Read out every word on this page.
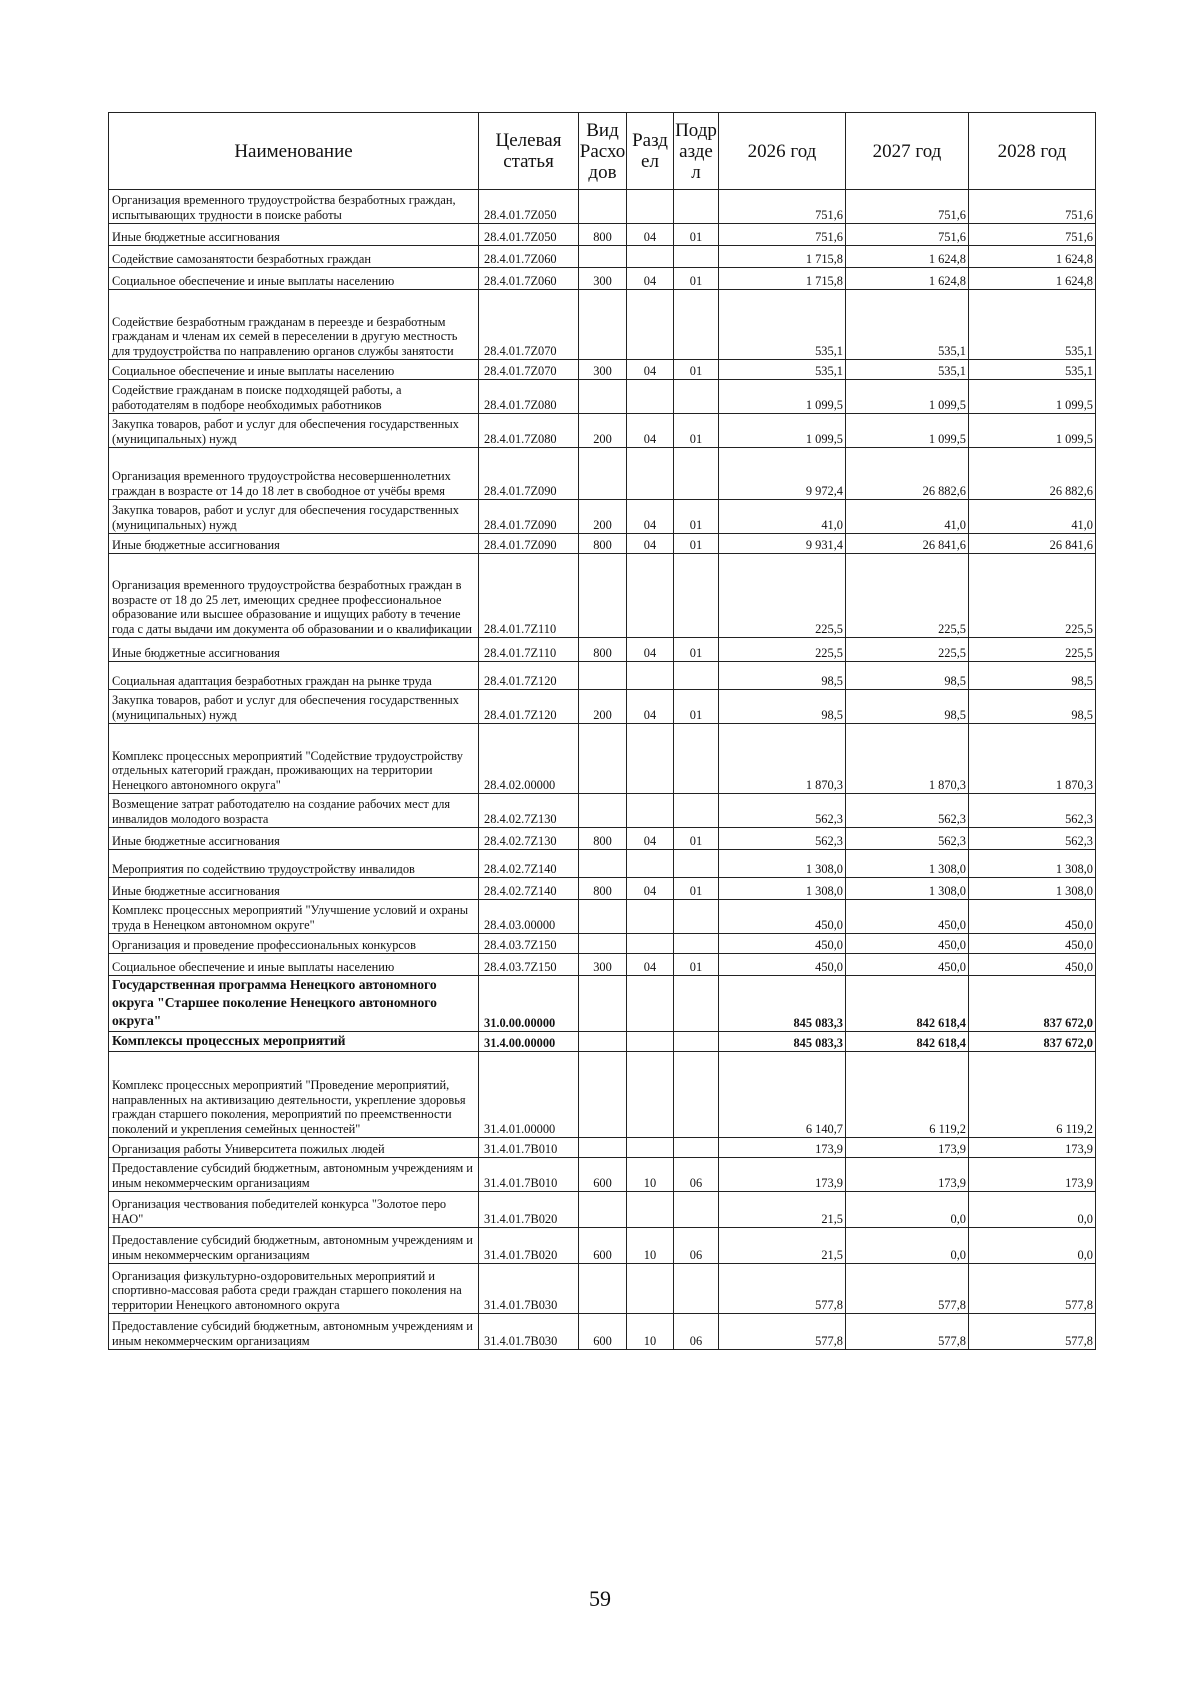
Наименование	Целевая статья	Вид Расхо дов	Разд ел	Подр азде л	2026 год	2027 год	2028 год
Организация временного трудоустройства безработных граждан, испытывающих трудности в поиске работы	28.4.01.7Z050				751,6	751,6	751,6
Иные бюджетные ассигнования	28.4.01.7Z050	800	04	01	751,6	751,6	751,6
Содействие самозанятости безработных граждан	28.4.01.7Z060				1 715,8	1 624,8	1 624,8
Социальное обеспечение и иные выплаты населению	28.4.01.7Z060	300	04	01	1 715,8	1 624,8	1 624,8
Содействие безработным гражданам в переезде и безработным гражданам и членам их семей в переселении в другую местность для трудоустройства по направлению органов службы занятости	28.4.01.7Z070				535,1	535,1	535,1
Социальное обеспечение и иные выплаты населению	28.4.01.7Z070	300	04	01	535,1	535,1	535,1
Содействие гражданам в поиске подходящей работы, а работодателям в подборе необходимых работников	28.4.01.7Z080				1 099,5	1 099,5	1 099,5
Закупка товаров, работ и услуг для обеспечения государственных (муниципальных) нужд	28.4.01.7Z080	200	04	01	1 099,5	1 099,5	1 099,5
Организация временного трудоустройства несовершеннолетних граждан в возрасте от 14 до 18 лет в свободное от учёбы время	28.4.01.7Z090				9 972,4	26 882,6	26 882,6
Закупка товаров, работ и услуг для обеспечения государственных (муниципальных) нужд	28.4.01.7Z090	200	04	01	41,0	41,0	41,0
Иные бюджетные ассигнования	28.4.01.7Z090	800	04	01	9 931,4	26 841,6	26 841,6
Организация временного трудоустройства безработных граждан в возрасте от 18 до 25 лет, имеющих среднее профессиональное образование или высшее образование и ищущих работу в течение года с даты выдачи им документа об образовании и о квалификации	28.4.01.7Z110				225,5	225,5	225,5
Иные бюджетные ассигнования	28.4.01.7Z110	800	04	01	225,5	225,5	225,5
Социальная адаптация безработных граждан на рынке труда	28.4.01.7Z120				98,5	98,5	98,5
Закупка товаров, работ и услуг для обеспечения государственных (муниципальных) нужд	28.4.01.7Z120	200	04	01	98,5	98,5	98,5
Комплекс процессных мероприятий "Содействие трудоустройству отдельных категорий граждан, проживающих на территории Ненецкого автономного округа"	28.4.02.00000				1 870,3	1 870,3	1 870,3
Возмещение затрат работодателю на создание рабочих мест для инвалидов молодого возраста	28.4.02.7Z130				562,3	562,3	562,3
Иные бюджетные ассигнования	28.4.02.7Z130	800	04	01	562,3	562,3	562,3
Мероприятия по содействию трудоустройству инвалидов	28.4.02.7Z140				1 308,0	1 308,0	1 308,0
Иные бюджетные ассигнования	28.4.02.7Z140	800	04	01	1 308,0	1 308,0	1 308,0
Комплекс процессных мероприятий "Улучшение условий и охраны труда в Ненецком автономном округе"	28.4.03.00000				450,0	450,0	450,0
Организация и проведение профессиональных конкурсов	28.4.03.7Z150				450,0	450,0	450,0
Социальное обеспечение и иные выплаты населению	28.4.03.7Z150	300	04	01	450,0	450,0	450,0
Государственная программа Ненецкого автономного округа "Старшее поколение Ненецкого автономного округа"	31.0.00.00000				845 083,3	842 618,4	837 672,0
Комплексы процессных мероприятий	31.4.00.00000				845 083,3	842 618,4	837 672,0
Комплекс процессных мероприятий "Проведение мероприятий, направленных на активизацию деятельности, укрепление здоровья граждан старшего поколения, мероприятий по преемственности поколений и укрепления семейных ценностей"	31.4.01.00000				6 140,7	6 119,2	6 119,2
Организация работы Университета пожилых людей	31.4.01.7B010				173,9	173,9	173,9
Предоставление субсидий бюджетным, автономным учреждениям и иным некоммерческим организациям	31.4.01.7B010	600	10	06	173,9	173,9	173,9
Организация чествования победителей конкурса "Золотое перо НАО"	31.4.01.7B020				21,5	0,0	0,0
Предоставление субсидий бюджетным, автономным учреждениям и иным некоммерческим организациям	31.4.01.7B020	600	10	06	21,5	0,0	0,0
Организация физкультурно-оздоровительных мероприятий и спортивно-массовая работа среди граждан старшего поколения на территории Ненецкого автономного округа	31.4.01.7B030				577,8	577,8	577,8
Предоставление субсидий бюджетным, автономным учреждениям и иным некоммерческим организациям	31.4.01.7B030	600	10	06	577,8	577,8	577,8
59
